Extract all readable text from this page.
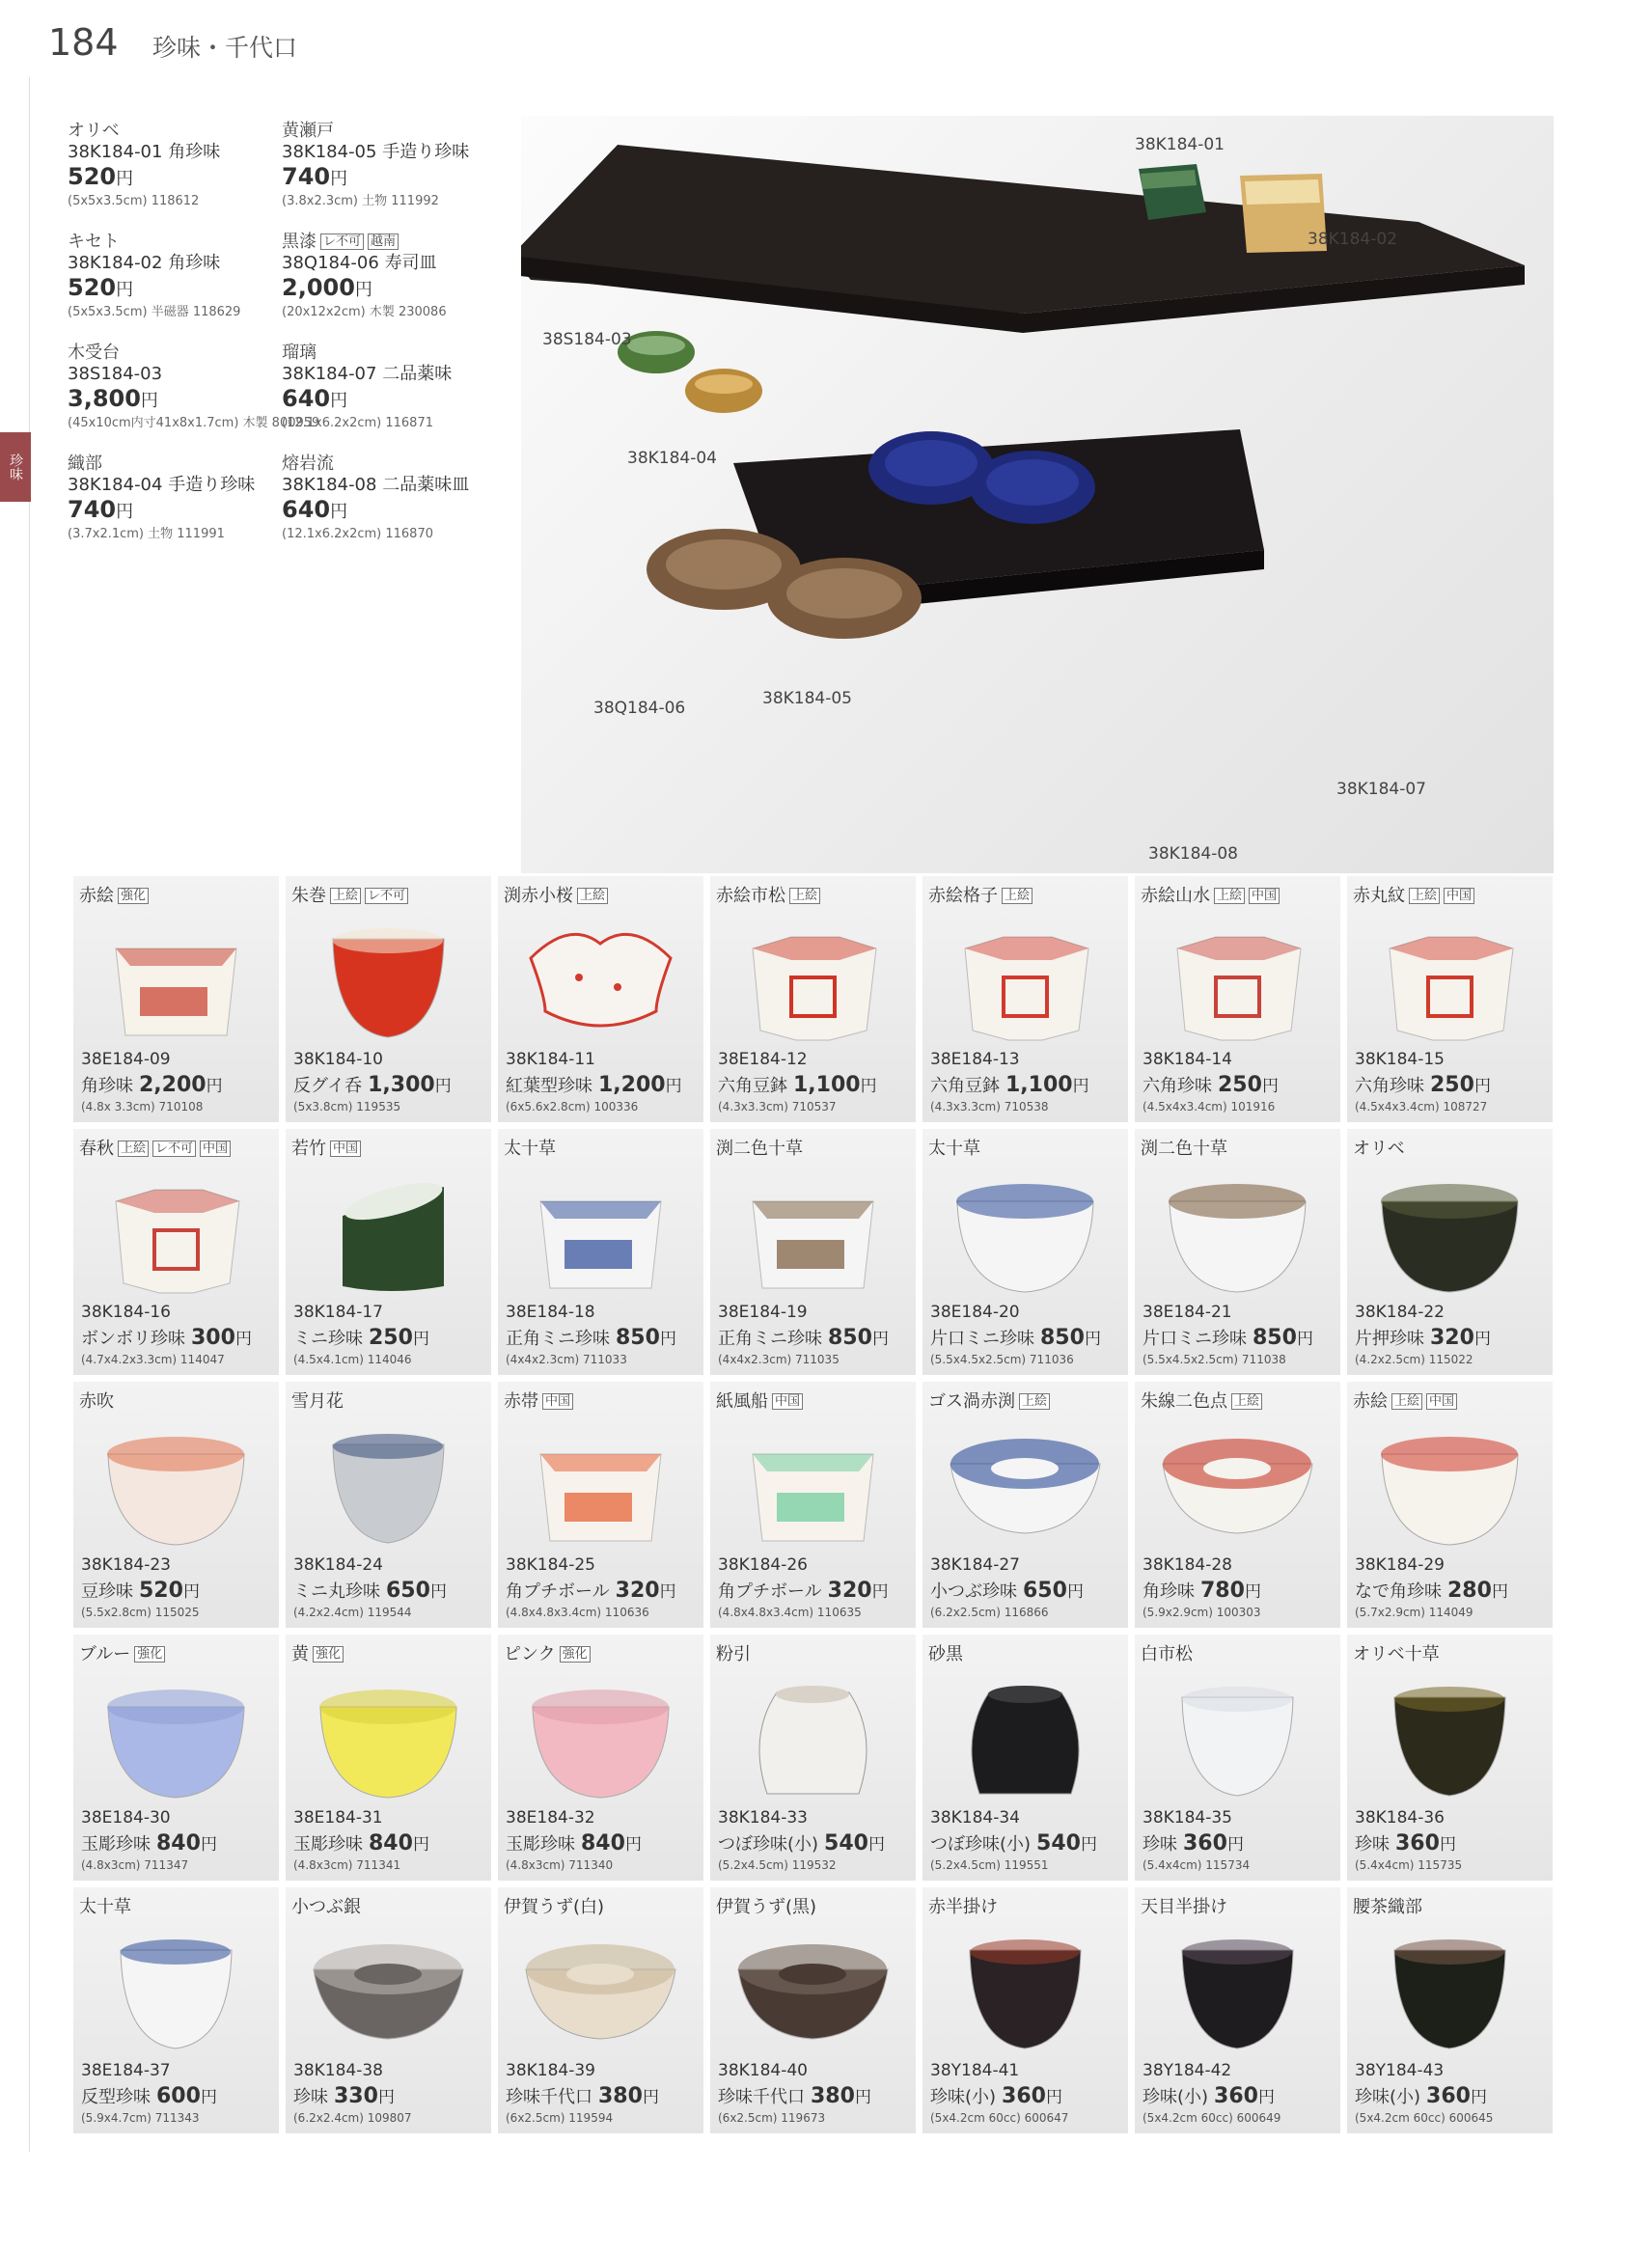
184 珍味・千代口
珍味
オリベ
38K184-01 角珍味
520円
(5x5x3.5cm) 118612
黄瀬戸
38K184-05 手造り珍味
740円
(3.8x2.3cm) 土物 111992
キセト
38K184-02 角珍味
520円
(5x5x3.5cm) 半磁器 118629
黒漆 レ不可 越南
38Q184-06 寿司皿
2,000円
(20x12x2cm) 木製 230086
木受台
38S184-03
3,800円
(45x10cm内寸41x8x1.7cm) 木製 800959
瑠璃
38K184-07 二品薬味
640円
(12.1x6.2x2cm) 116871
織部
38K184-04 手造り珍味
740円
(3.7x2.1cm) 土物 111991
熔岩流
38K184-08 二品薬味皿
640円
(12.1x6.2x2cm) 116870
38K184-01
38K184-02
38S184-03
38K184-04
38Q184-06	38K184-05
38K184-07
38K184-08
赤絵 強化
38E184-09
角珍味 2,200円
(4.8x 3.3cm) 710108
朱巻 上絵 レ不可
38K184-10
反グイ呑 1,300円
(5x3.8cm) 119535
渕赤小桜 上絵
38K184-11
紅葉型珍味 1,200円
(6x5.6x2.8cm) 100336
赤絵市松 上絵
38E184-12
六角豆鉢 1,100円
(4.3x3.3cm) 710537
赤絵格子 上絵
38E184-13
六角豆鉢 1,100円
(4.3x3.3cm) 710538
赤絵山水 上絵 中国
38K184-14
六角珍味 250円
(4.5x4x3.4cm) 101916
赤丸紋 上絵 中国
38K184-15
六角珍味 250円
(4.5x4x3.4cm) 108727
春秋 上絵 レ不可 中国
38K184-16
ボンボリ珍味 300円
(4.7x4.2x3.3cm) 114047
若竹 中国
38K184-17
ミニ珍味 250円
(4.5x4.1cm) 114046
太十草
38E184-18
正角ミニ珍味 850円
(4x4x2.3cm) 711033
渕二色十草
38E184-19
正角ミニ珍味 850円
(4x4x2.3cm) 711035
太十草
38E184-20
片口ミニ珍味 850円
(5.5x4.5x2.5cm) 711036
渕二色十草
38E184-21
片口ミニ珍味 850円
(5.5x4.5x2.5cm) 711038
オリベ
38K184-22
片押珍味 320円
(4.2x2.5cm) 115022
赤吹
38K184-23
豆珍味 520円
(5.5x2.8cm) 115025
雪月花
38K184-24
ミニ丸珍味 650円
(4.2x2.4cm) 119544
赤帯 中国
38K184-25
角プチボール 320円
(4.8x4.8x3.4cm) 110636
紙風船 中国
38K184-26
角プチボール 320円
(4.8x4.8x3.4cm) 110635
ゴス渦赤渕 上絵
38K184-27
小つぶ珍味 650円
(6.2x2.5cm) 116866
朱線二色点 上絵
38K184-28
角珍味 780円
(5.9x2.9cm) 100303
赤絵 上絵 中国
38K184-29
なで角珍味 280円
(5.7x2.9cm) 114049
ブルー 強化
38E184-30
玉彫珍味 840円
(4.8x3cm) 711347
黄 強化
38E184-31
玉彫珍味 840円
(4.8x3cm) 711341
ピンク 強化
38E184-32
玉彫珍味 840円
(4.8x3cm) 711340
粉引
38K184-33
つぼ珍味(小) 540円
(5.2x4.5cm) 119532
砂黒
38K184-34
つぼ珍味(小) 540円
(5.2x4.5cm) 119551
白市松
38K184-35
珍味 360円
(5.4x4cm) 115734
オリベ十草
38K184-36
珍味 360円
(5.4x4cm) 115735
太十草
38E184-37
反型珍味 600円
(5.9x4.7cm) 711343
小つぶ銀
38K184-38
珍味 330円
(6.2x2.4cm) 109807
伊賀うず(白)
38K184-39
珍味千代口 380円
(6x2.5cm) 119594
伊賀うず(黒)
38K184-40
珍味千代口 380円
(6x2.5cm) 119673
赤半掛け
38Y184-41
珍味(小) 360円
(5x4.2cm 60cc) 600647
天目半掛け
38Y184-42
珍味(小) 360円
(5x4.2cm 60cc) 600649
腰茶織部
38Y184-43
珍味(小) 360円
(5x4.2cm 60cc) 600645
